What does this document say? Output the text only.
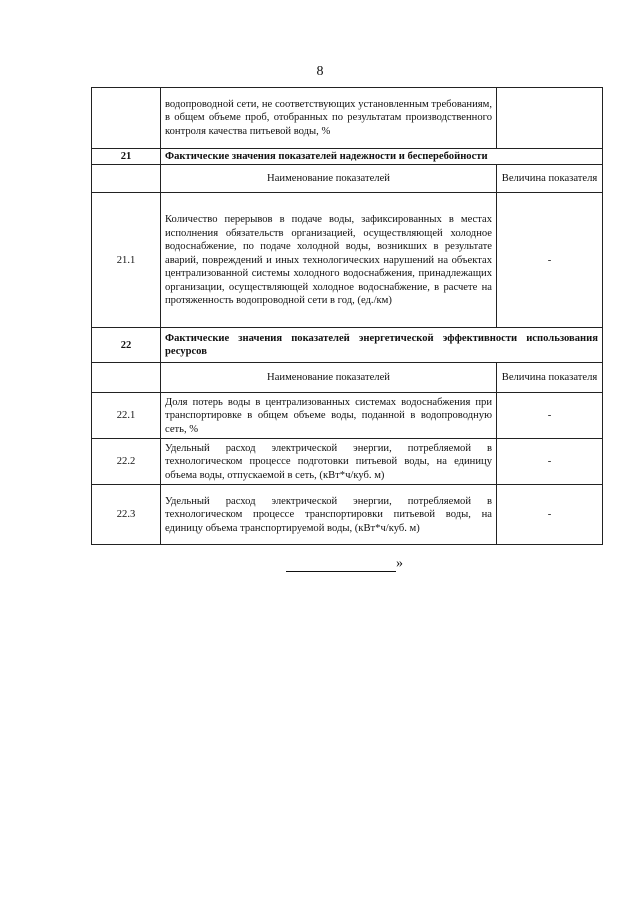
8
	водопроводной сети, не соответствующих установленным требованиям, в общем объеме проб, отобранных по результатам производственного контроля качества питьевой воды, %	
21	Фактические значения показателей надежности и бесперебойности	
	Наименование показателей	Величина показателя
21.1	Количество перерывов в подаче воды, зафиксированных в местах исполнения обязательств организацией, осуществляющей холодное водоснабжение, по подаче холодной воды, возникших в результате аварий, повреждений и иных технологических нарушений на объектах централизованной системы холодного водоснабжения, принадлежащих организации, осуществляющей холодное водоснабжение, в расчете на протяженность водопроводной сети в год, (ед./км)	-
22	Фактические значения показателей энергетической эффективности использования ресурсов	
	Наименование показателей	Величина показателя
22.1	Доля потерь воды в централизованных системах водоснабжения при транспортировке в общем объеме воды, поданной в водопроводную сеть, %	-
22.2	Удельный расход электрической энергии, потребляемой в технологическом процессе подготовки питьевой воды, на единицу объема воды, отпускаемой в сеть, (кВт*ч/куб. м)	-
22.3	Удельный расход электрической энергии, потребляемой в технологическом процессе транспортировки питьевой воды, на единицу объема транспортируемой воды, (кВт*ч/куб. м)	-
»
